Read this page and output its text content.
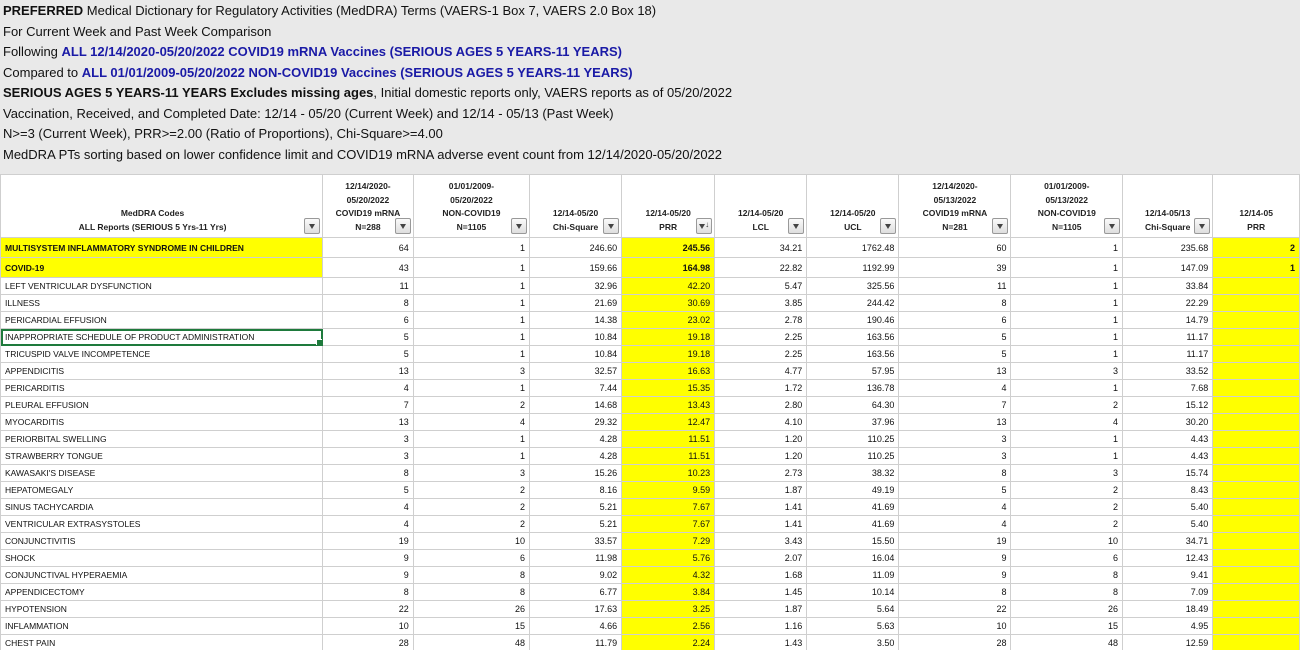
PREFERRED Medical Dictionary for Regulatory Activities (MedDRA) Terms (VAERS-1 Box 7, VAERS 2.0 Box 18)
For Current Week and Past Week Comparison
Following ALL 12/14/2020-05/20/2022 COVID19 mRNA Vaccines (SERIOUS AGES 5 YEARS-11 YEARS)
Compared to ALL 01/01/2009-05/20/2022 NON-COVID19 Vaccines (SERIOUS AGES 5 YEARS-11 YEARS)
SERIOUS AGES 5 YEARS-11 YEARS Excludes missing ages, Initial domestic reports only, VAERS reports as of 05/20/2022
Vaccination, Received, and Completed Date: 12/14 - 05/20 (Current Week) and 12/14 - 05/13 (Past Week)
N>=3 (Current Week), PRR>=2.00 (Ratio of Proportions), Chi-Square>=4.00
MedDRA PTs sorting based on lower confidence limit and COVID19 mRNA adverse event count from 12/14/2020-05/20/2022
MedDRA Codes
ALL Reports (SERIOUS 5 Yrs-11 Yrs)	12/14/2020-
05/20/2022
COVID19 mRNA
N=288	01/01/2009-
05/20/2022
NON-COVID19
N=1105	12/14-05/20
Chi-Square	12/14-05/20
PRR ↓	12/14-05/20
LCL	12/14-05/20
UCL	12/14/2020-
05/13/2022
COVID19 mRNA
N=281	01/01/2009-
05/13/2022
NON-COVID19
N=1105	12/14-05/13
Chi-Square	12/14-05
PRR
MULTISYSTEM INFLAMMATORY SYNDROME IN CHILDREN	64	1	246.60	245.56	34.21	1762.48	60	1	235.68	2
COVID-19	43	1	159.66	164.98	22.82	1192.99	39	1	147.09	1
LEFT VENTRICULAR DYSFUNCTION	11	1	32.96	42.20	5.47	325.56	11	1	33.84	
ILLNESS	8	1	21.69	30.69	3.85	244.42	8	1	22.29	
PERICARDIAL EFFUSION	6	1	14.38	23.02	2.78	190.46	6	1	14.79	
INAPPROPRIATE SCHEDULE OF PRODUCT ADMINISTRATION	5	1	10.84	19.18	2.25	163.56	5	1	11.17	
TRICUSPID VALVE INCOMPETENCE	5	1	10.84	19.18	2.25	163.56	5	1	11.17	
APPENDICITIS	13	3	32.57	16.63	4.77	57.95	13	3	33.52	
PERICARDITIS	4	1	7.44	15.35	1.72	136.78	4	1	7.68	
PLEURAL EFFUSION	7	2	14.68	13.43	2.80	64.30	7	2	15.12	
MYOCARDITIS	13	4	29.32	12.47	4.10	37.96	13	4	30.20	
PERIORBITAL SWELLING	3	1	4.28	11.51	1.20	110.25	3	1	4.43	
STRAWBERRY TONGUE	3	1	4.28	11.51	1.20	110.25	3	1	4.43	
KAWASAKI'S DISEASE	8	3	15.26	10.23	2.73	38.32	8	3	15.74	
HEPATOMEGALY	5	2	8.16	9.59	1.87	49.19	5	2	8.43	
SINUS TACHYCARDIA	4	2	5.21	7.67	1.41	41.69	4	2	5.40	
VENTRICULAR EXTRASYSTOLES	4	2	5.21	7.67	1.41	41.69	4	2	5.40	
CONJUNCTIVITIS	19	10	33.57	7.29	3.43	15.50	19	10	34.71	
SHOCK	9	6	11.98	5.76	2.07	16.04	9	6	12.43	
CONJUNCTIVAL HYPERAEMIA	9	8	9.02	4.32	1.68	11.09	9	8	9.41	
APPENDICECTOMY	8	8	6.77	3.84	1.45	10.14	8	8	7.09	
HYPOTENSION	22	26	17.63	3.25	1.87	5.64	22	26	18.49	
INFLAMMATION	10	15	4.66	2.56	1.16	5.63	10	15	4.95	
CHEST PAIN	28	48	11.79	2.24	1.43	3.50	28	48	12.59	
